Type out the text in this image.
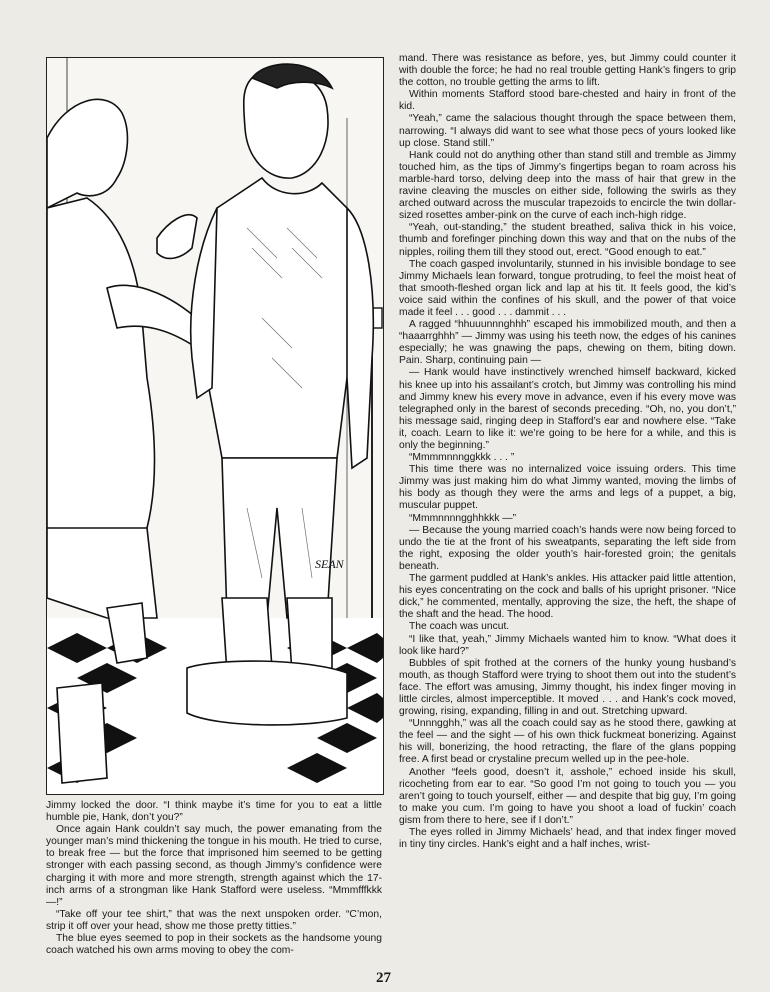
SEAN

Jimmy locked the door. “I think maybe it’s time for you to eat a little humble pie, Hank, don’t you?”

Once again Hank couldn’t say much, the power emanating from the younger man’s mind thickening the tongue in his mouth. He tried to curse, to break free — but the force that imprisoned him seemed to be getting stronger with each passing second, as though Jimmy’s confidence were charging it with more and more strength, strength against which the 17-inch arms of a strongman like Hank Stafford were useless. “Mmmfffkkk —!”

“Take off your tee shirt,” that was the next unspoken order. “C’mon, strip it off over your head, show me those pretty titties.”

The blue eyes seemed to pop in their sockets as the handsome young coach watched his own arms moving to obey the com-

mand. There was resistance as before, yes, but Jimmy could counter it with double the force; he had no real trouble getting Hank’s fingers to grip the cotton, no trouble getting the arms to lift.

Within moments Stafford stood bare-chested and hairy in front of the kid.

“Yeah,” came the salacious thought through the space between them, narrowing. “I always did want to see what those pecs of yours looked like up close. Stand still.”

Hank could not do anything other than stand still and tremble as Jimmy touched him, as the tips of Jimmy’s fingertips began to roam across his marble-hard torso, delving deep into the mass of hair that grew in the ravine cleaving the muscles on either side, following the swirls as they arched outward across the muscular trapezoids to encircle the twin dollar-sized rosettes amber-pink on the curve of each inch-high ridge.

“Yeah, out-standing,” the student breathed, saliva thick in his voice, thumb and forefinger pinching down this way and that on the nubs of the nipples, roiling them till they stood out, erect. “Good enough to eat.”

The coach gasped involuntarily, stunned in his invisible bondage to see Jimmy Michaels lean forward, tongue protruding, to feel the moist heat of that smooth-fleshed organ lick and lap at his tit. It feels good, the kid’s voice said within the confines of his skull, and the power of that voice made it feel . . . good . . . dammit . . .

A ragged “hhuuunnnghhh” escaped his immobilized mouth, and then a “haaarrghhh” — Jimmy was using his teeth now, the edges of his canines especially; he was gnawing the paps, chewing on them, biting down. Pain. Sharp, continuing pain —

— Hank would have instinctively wrenched himself backward, kicked his knee up into his assailant’s crotch, but Jimmy was controlling his mind and Jimmy knew his every move in advance, even if his every move was telegraphed only in the barest of seconds preceding. “Oh, no, you don’t,” his message said, ringing deep in Stafford’s ear and nowhere else. “Take it, coach. Learn to like it: we’re going to be here for a while, and this is only the beginning.”

“Mmmmnnnggkkk . . . ”

This time there was no internalized voice issuing orders. This time Jimmy was just making him do what Jimmy wanted, moving the limbs of his body as though they were the arms and legs of a puppet, a big, muscular puppet.

“Mmmnnnngghhkkk —”

— Because the young married coach’s hands were now being forced to undo the tie at the front of his sweatpants, separating the left side from the right, exposing the older youth’s hair-forested groin; the genitals beneath.

The garment puddled at Hank’s ankles. His attacker paid little attention, his eyes concentrating on the cock and balls of his upright prisoner. “Nice dick,” he commented, mentally, approving the size, the heft, the shape of the shaft and the head. The hood.

The coach was uncut.

“I like that, yeah,” Jimmy Michaels wanted him to know. “What does it look like hard?”

Bubbles of spit frothed at the corners of the hunky young husband’s mouth, as though Stafford were trying to shoot them out into the student’s face. The effort was amusing, Jimmy thought, his index finger moving in little circles, almost imperceptible. It moved . . . and Hank’s cock moved, growing, rising, expanding, filling in and out. Stretching upward.

“Unnngghh,” was all the coach could say as he stood there, gawking at the feel — and the sight — of his own thick fuckmeat bonerizing. Against his will, bonerizing, the hood retracting, the flare of the glans popping free. A first bead or crystaline precum welled up in the pee-hole.

Another “feels good, doesn’t it, asshole,” echoed inside his skull, ricocheting from ear to ear. “So good I’m not going to touch you — you aren’t going to touch yourself, either — and despite that big guy, I’m going to make you cum. I’m going to have you shoot a load of fuckin’ coach gism from there to here, see if I don’t.”

The eyes rolled in Jimmy Michaels’ head, and that index finger moved in tiny tiny circles. Hank’s eight and a half inches, wrist-

27
